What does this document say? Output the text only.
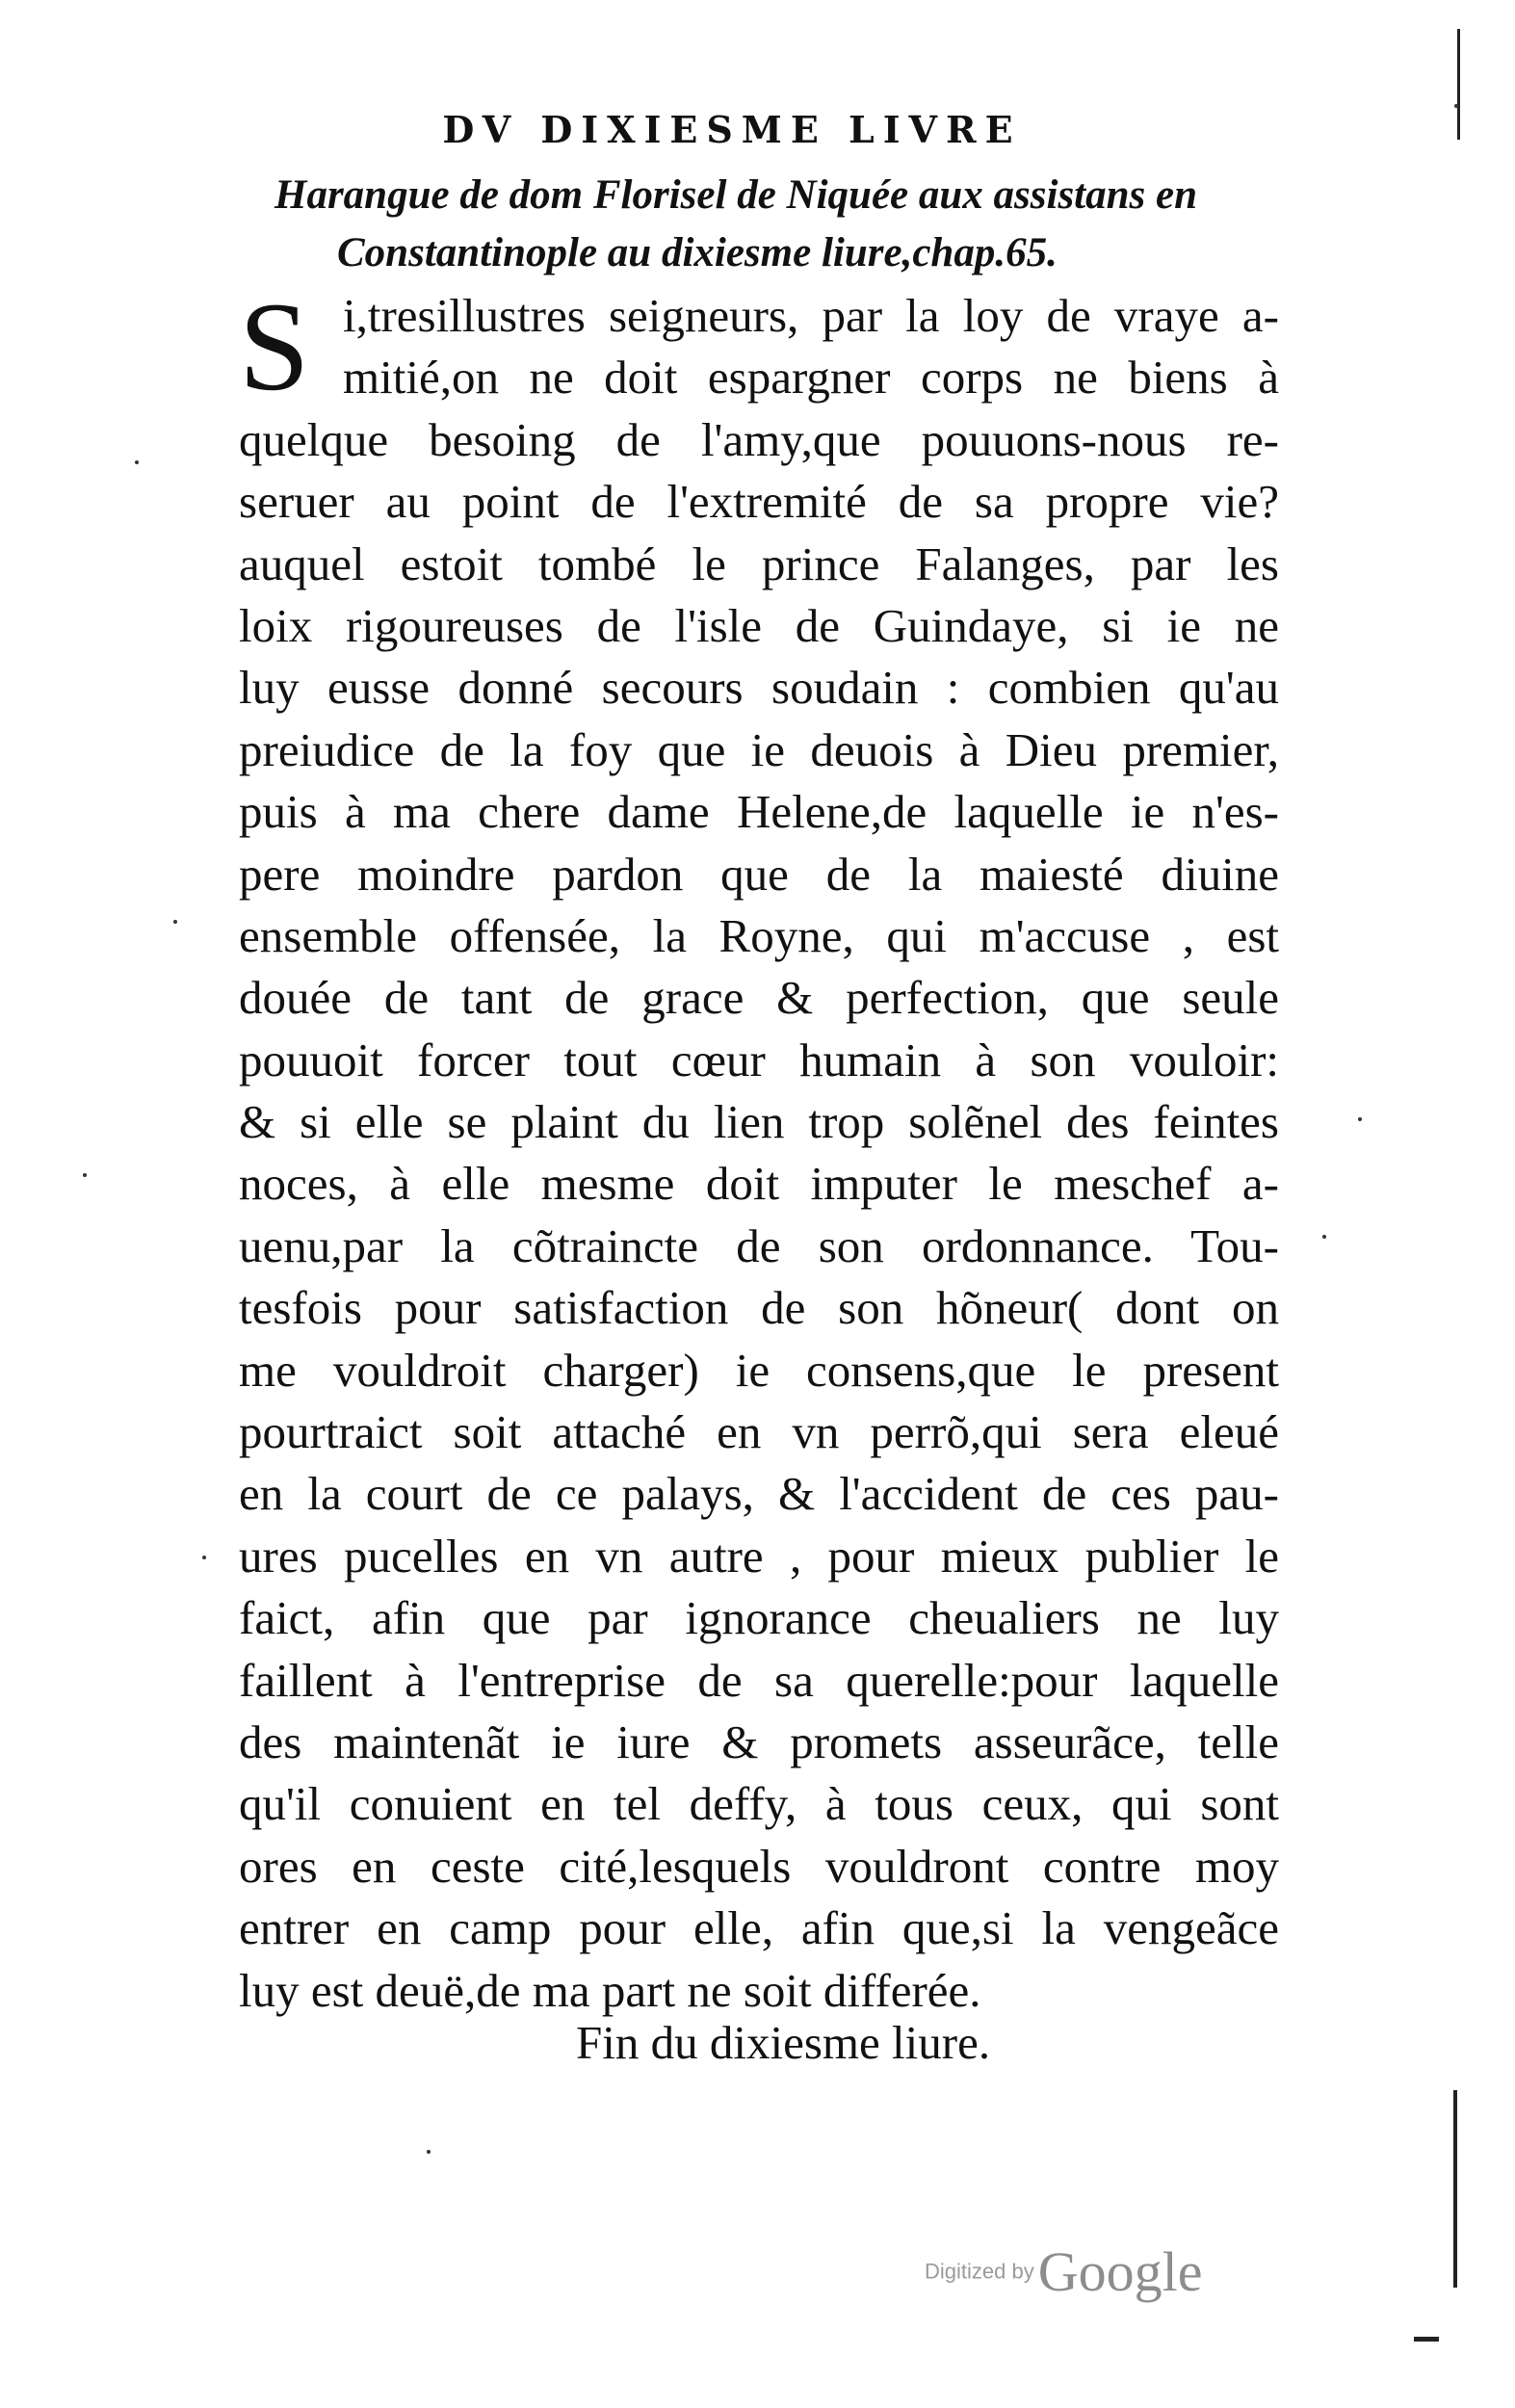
DV DIXIESME LIVRE
Harangue de dom Florisel de Niquée aux assistans en
Constantinople au dixiesme liure,chap.65.
S i,tresillustres seigneurs, par la loy de vraye a-
mitié,on ne doit espargner corps ne biens à
quelque besoing de l'amy,que pouuons-nous re-
seruer au point de l'extremité de sa propre vie?
auquel estoit tombé le prince Falanges, par les
loix rigoureuses de l'isle de Guindaye, si ie ne
luy eusse donné secours soudain : combien qu'au
preiudice de la foy que ie deuois à Dieu premier,
puis à ma chere dame Helene,de laquelle ie n'es-
pere moindre pardon que de la maiesté diuine
ensemble offensée, la Royne, qui m'accuse , est
douée de tant de grace & perfection, que seule
pouuoit forcer tout cœur humain à son vouloir:
& si elle se plaint du lien trop solẽnel des feintes
noces, à elle mesme doit imputer le meschef a-
uenu,par la cõtraincte de son ordonnance. Tou-
tesfois pour satisfaction de son hõneur( dont on
me vouldroit charger) ie consens,que le present
pourtraict soit attaché en vn perrõ,qui sera eleué
en la court de ce palays, & l'accident de ces pau-
ures pucelles en vn autre , pour mieux publier le
faict, afin que par ignorance cheualiers ne luy
faillent à l'entreprise de sa querelle:pour laquelle
des maintenãt ie iure & promets asseurãce, telle
qu'il conuient en tel deffy, à tous ceux, qui sont
ores en ceste cité,lesquels vouldront contre moy
entrer en camp pour elle, afin que,si la vengeãce
luy est deuë,de ma part ne soit differée.
Fin du dixiesme liure.
Digitized by Google
